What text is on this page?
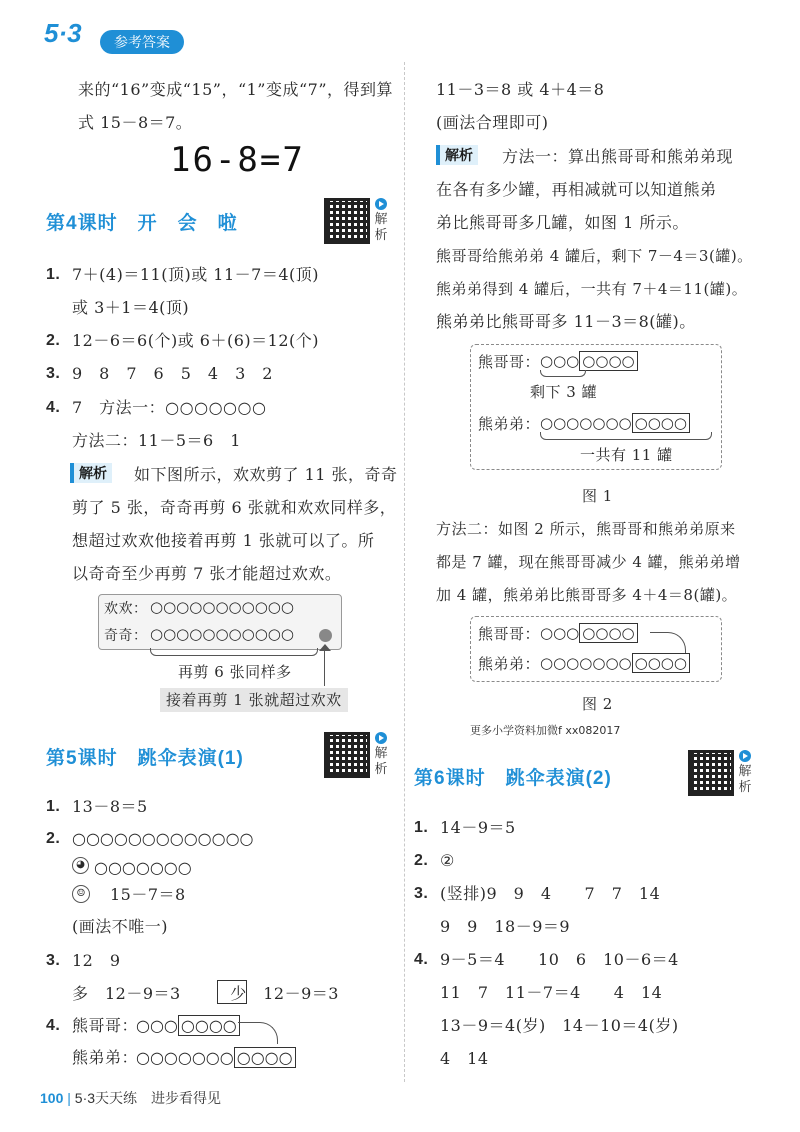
5·3	参考答案
来的“16”变成“15”，“1”变成“7”，得到算
式 15－8＝7。
16-8=7
第4课时　开　会　啦	解析
1. 7＋(4)＝11(顶)或 11－7＝4(顶)
或 3＋1＝4(顶)
2. 12－6＝6(个)或 6＋(6)＝12(个)
3. 9　8　7　6　5　4　3　2
4. 7　方法一：○○○○○○○
方法二：11－5＝6　1
解析	如下图所示，欢欢剪了 11 张，奇奇
剪了 5 张，奇奇再剪 6 张就和欢欢同样多，
想超过欢欢他接着再剪 1 张就可以了。所
以奇奇至少再剪 7 张才能超过欢欢。
欢欢： ○○○○○○○○○○○
奇奇： ○○○○○○○○○○○
再剪 6 张同样多
接着再剪 1 张就超过欢欢
第5课时　跳伞表演(1)	解析
1. 13－8＝5
2. ○○○○○○○○○○○○○
◕ ○○○○○○○
☺ 15－7＝8
(画法不唯一)
3. 12　9
多　12－9＝3　　　少　12－9＝3
4. 熊哥哥：
○○○ ○○○○
熊弟弟：
○○○○○○○ ○○○○
11－3＝8 或 4＋4＝8
(画法合理即可)
解析	方法一：算出熊哥哥和熊弟弟现
在各有多少罐，再相减就可以知道熊弟
弟比熊哥哥多几罐，如图 1 所示。
熊哥哥给熊弟弟 4 罐后，剩下 7－4＝3(罐)。
熊弟弟得到 4 罐后，一共有 7＋4＝11(罐)。
熊弟弟比熊哥哥多 11－3＝8(罐)。
熊哥哥： ○○○ ○○○○
剩下 3 罐
熊弟弟： ○○○○○○○ ○○○○
一共有 11 罐
图 1
方法二：如图 2 所示，熊哥哥和熊弟弟原来
都是 7 罐，现在熊哥哥减少 4 罐，熊弟弟增
加 4 罐，熊弟弟比熊哥哥多 4＋4＝8(罐)。
熊哥哥： ○○○ ○○○○
熊弟弟： ○○○○○○○ ○○○○
图 2
更多小学资料加微f xx082017
第6课时　跳伞表演(2)	解析
1. 14－9＝5
2. ②
3. (竖排)9　9　4　　7　7　14
9　9　18－9＝9
4. 9－5＝4　　10　6　10－6＝4
11　7　11－7＝4　　4　14
13－9＝4(岁)　14－10＝4(岁)
4　14
100 | 5·3天天练　进步看得见
